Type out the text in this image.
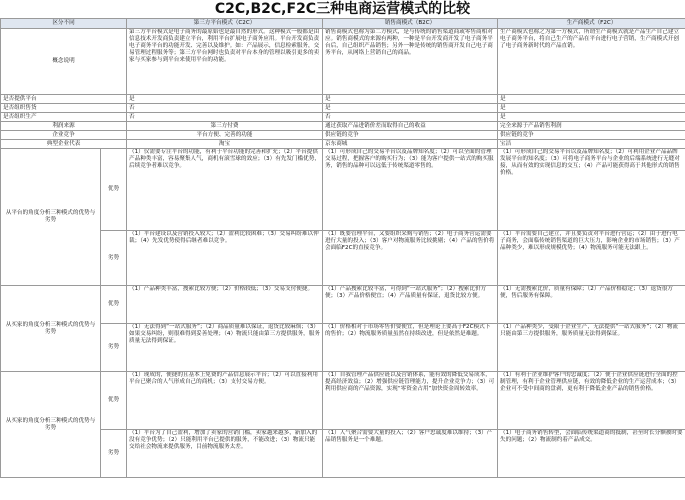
C2C,B2C,F2C三种电商运营模式的比较
区分不同		第三方平台模式（C2C）	销售商模式（B2C）	生产商模式（F2C）
概念说明		第三方平台模式是电子商务的最原始也是最自然的形式。这种模式一般都是由信息技术开发商负责建立平台，利用平台扩展电子商务应用。平台开发商负责电子商务平台的功能开发、完善以及维护。如：产品展示，信息检索服务，交易管理过程服务等；第三方平台网时也负责对平台本身的管理以吸引更多的卖家与买家参与到平台来使用平台的功能。	销售商模式也称为第二方模式，是与传统的销售渠道商或零售商相对应。销售商模式的来源有两种，一种是平台开发商开发了电子商务平台后，自己组织产品销售；另外一种是传统的销售商开发自己电子商务平台，从网络上营销自己的商品。	生产商模式也称之为第一方模式，所谓生产商模式就是产品生产自己建立电子商务平台，将自己生产的产品在平台进行电子营销，生产商模式开创了电子商务新时代的产品直销。
是否提供平台		是	是	是
是否组织售货		否	是	是
是否组织生产		否	否	是
利润来源		第三方付费	通过获取产品进销价差而取得自己的收益	完全来源于产品销售利润
企业竞争		平台方便、完善的功能	供应链的竞争	供应链的竞争
典型企业代表		淘宝	京东商城	宝洁
从平台的角度分析三种模式的优势与劣势	优势	（1）仅需要专注平台的功能，有利于平台功能的完善和扩充；（2）平台提供产品种类丰富，容易聚集人气，商机有滚雪球的效应；（3）有先发门槛优势，后续竞争者难以竞争。	（1）可形成自己的交易平台以及品牌知名度；（2）可以全面的管理交易过程，把握客户的购买行为；（3）能为客户提供一站式的购买服务，销售的品种可以远低于传统渠道零售的。	（1）可形成自己的交易平台以及品牌知名度；（2）可利用企业产品品牌发展平台的知名度；（3）可将电子商务平台与企业的后端系统进行无缝对接，从而有效的实现信息的交互；（4）产品可能获得高于其他形式的销售价格。
	劣势	（1）平台建设以及营销投入较大；（2）盈利比较困难；（3）交易纠纷难以仲裁；（4）先发优势使得后继者难以竞争。	（1）既要管理平台，又要组织采购与销售；（2）电子商务营运需要进行大量的投入；（3）客户对物流服务比较挑剔；（4）产品的售价将会面临F2C的直接竞争。	（1）平台需要自己建立，并且要负责对平台进行营运；（2）由于进行电子商务，会面临传统销售渠道的巨大压力，影响企业的市场销售；（3）产品种类少，难以形成规模优势；（4）物流服务可能无法跟上。
从买家的角度分析三种模式的优势与劣势	优势	（1）产品种类丰富，搜索比较方便；（2）价格较低；（3）交易支付便捷。	（1）产品搜索比较丰富，可得到“一站式服务”；（2）搜索比价方便；（3）产品价格便宜；（4）产品质量有保证，退货比较方便。	（1）无需搜索比价，质量有保障；（2）产品价格稳定；（3）退货很方便，售后服务有保障。
	劣势	（1）无法得到“一站式服务”；（2）商品质量难以保证，退货比较麻烦；（3）如果交易纠纷，则很难得到妥善处理；（4）物流只能由第三方提供服务，服务质量无法得到保证。	（1）价格相对于市场零售价要便宜，但是理论上要高于F2C模式下的售价；（2）物流服务质量虽然在持续改进，但是依然是难题。	（1）产品种类少，受限于企业生产，无法提供“一站式服务”；（2）物流只能由第三方提供服务，服务质量无法得到保证。
从买家的角度分析三种模式的优势与劣势	优势	（1）现成的，便捷的且基本上免费的产品信息展示平台；（2）可以直接利用平台已聚合的人气形成自己的商机；（3）支付交易方便。	（1）自我管理产品供应链以及营销体系，能有效的降低交易成本，提高经济效益；（2）增强供应链管理能力，提升企业竞争力；（3）可利用供应商的产品资源，实现“零资金占用”加快资金周转效率。	（1）有利于企业维护客户的忠诚度；（2）便于企业供应链进行全面的控制管理，有利于企业管理供应链，有效的降低企业的生产运营成本；（3）企业可不受中间商的盘剥，更有利于降低企业产品的销售价格。
	劣势	（1）平台为了自己盈利，增加了卖家的营销门槛，卖家越来越多，新加入的没有竞争优势；（2）只能利用平台已提供的服务，不能改进；（3）物流只能交给社会物流来提供服务，目前物流服务太差。	（1）人气聚合需要大量的投入；（2）客户忠诚度难以维持；（3）产品销售服务是一个难题。	（1）电子商务销售转型，会面临传统渠道商的抵制，甚至时长分额被时要失的问题；（2）物流制约着产品成交。
